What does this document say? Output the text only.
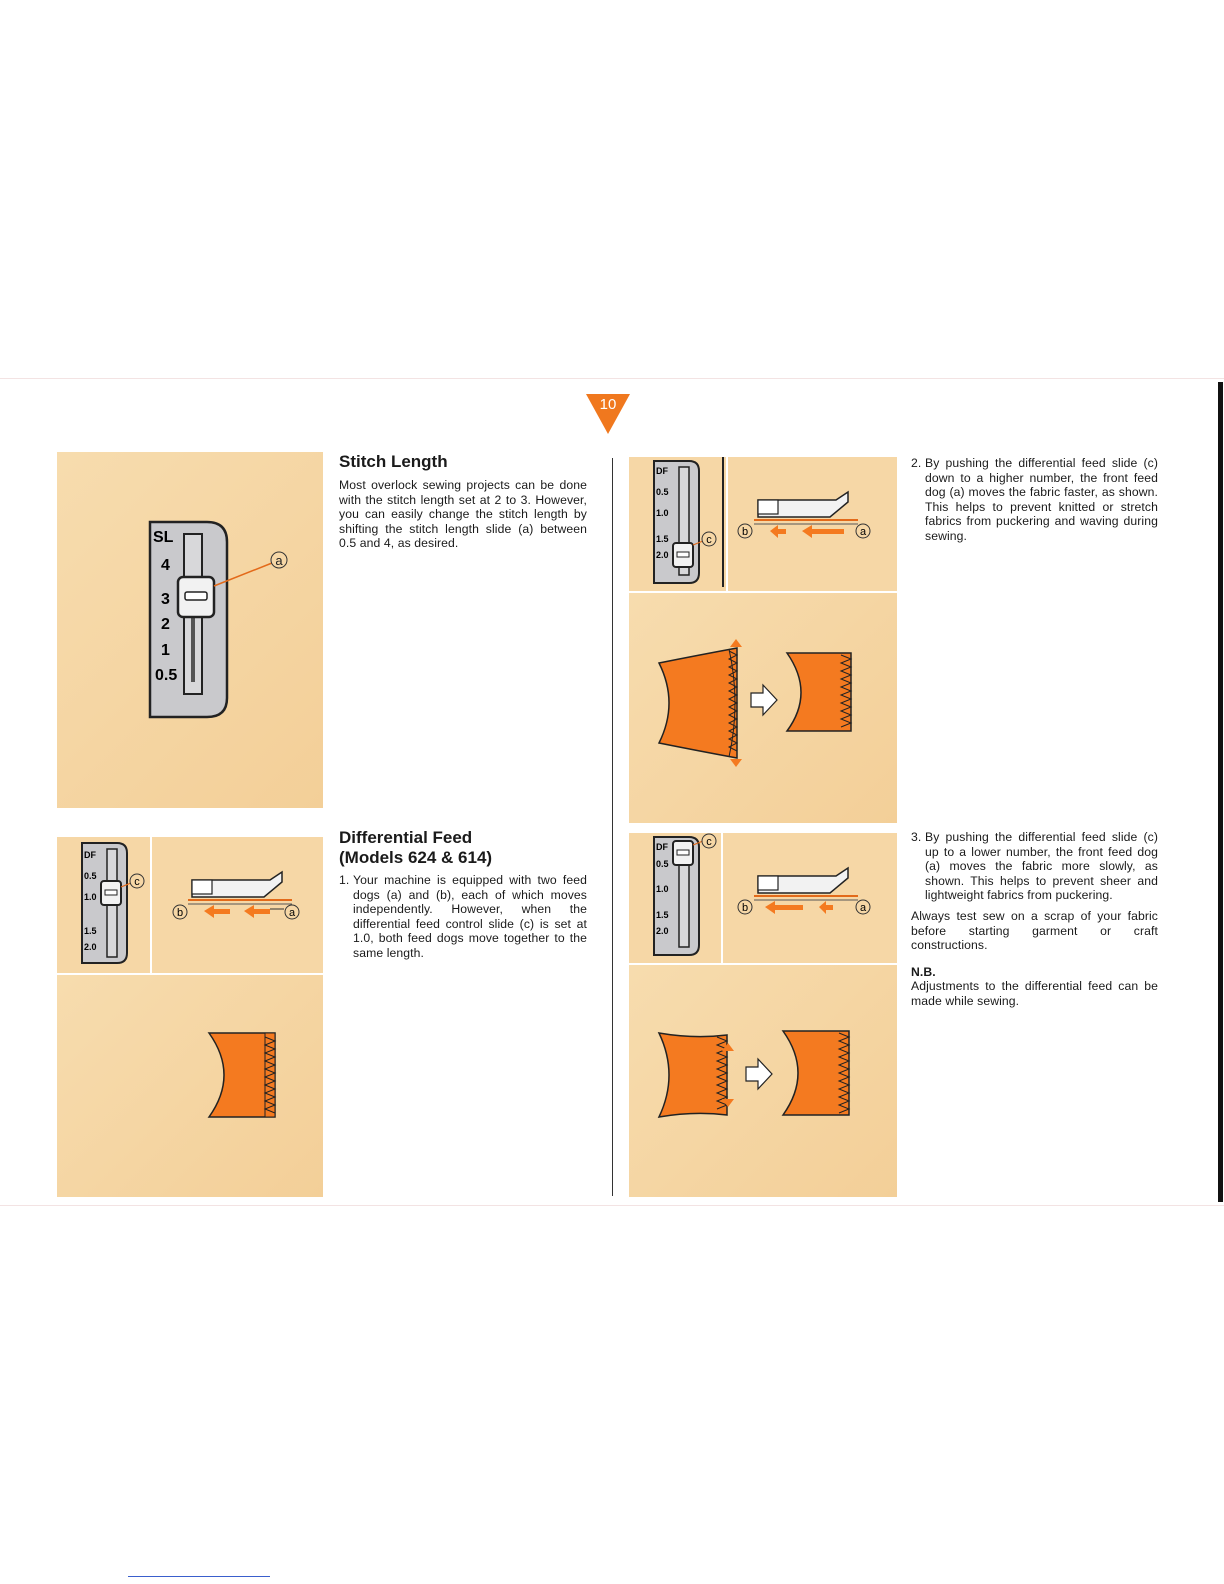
10
a
SL
4
3
2
1
0.5
Stitch Length

Most overlock sewing projects can be done with the stitch length set at 2 to 3. However, you can easily change the stitch length by shifting the stitch length slide (a) between 0.5 and 4, as desired.

c
DF
0.5
1.0
1.5
2.0
b	a
Differential Feed
(Models 624 & 614)
1. Your machine is equipped with two feed dogs (a) and (b), each of which moves independently. However, when the differential feed control slide (c) is set at 1.0, both feed dogs move together to the same length.
c
DF
0.5
1.0
1.5
2.0
b	a
c
DF
0.5
1.0
1.5
2.0
b	a
2. By pushing the differential feed slide (c) down to a higher number, the front feed dog (a) moves the fabric faster, as shown. This helps to prevent knitted or stretch fabrics from puckering and waving during sewing.
3. By pushing the differential feed slide (c) up to a lower number, the front feed dog (a) moves the fabric more slowly, as shown. This helps to prevent sheer and lightweight fabrics from puckering.

Always test sew on a scrap of your fabric before starting garment or craft constructions.

N.B.

Adjustments to the differential feed can be made while sewing.
